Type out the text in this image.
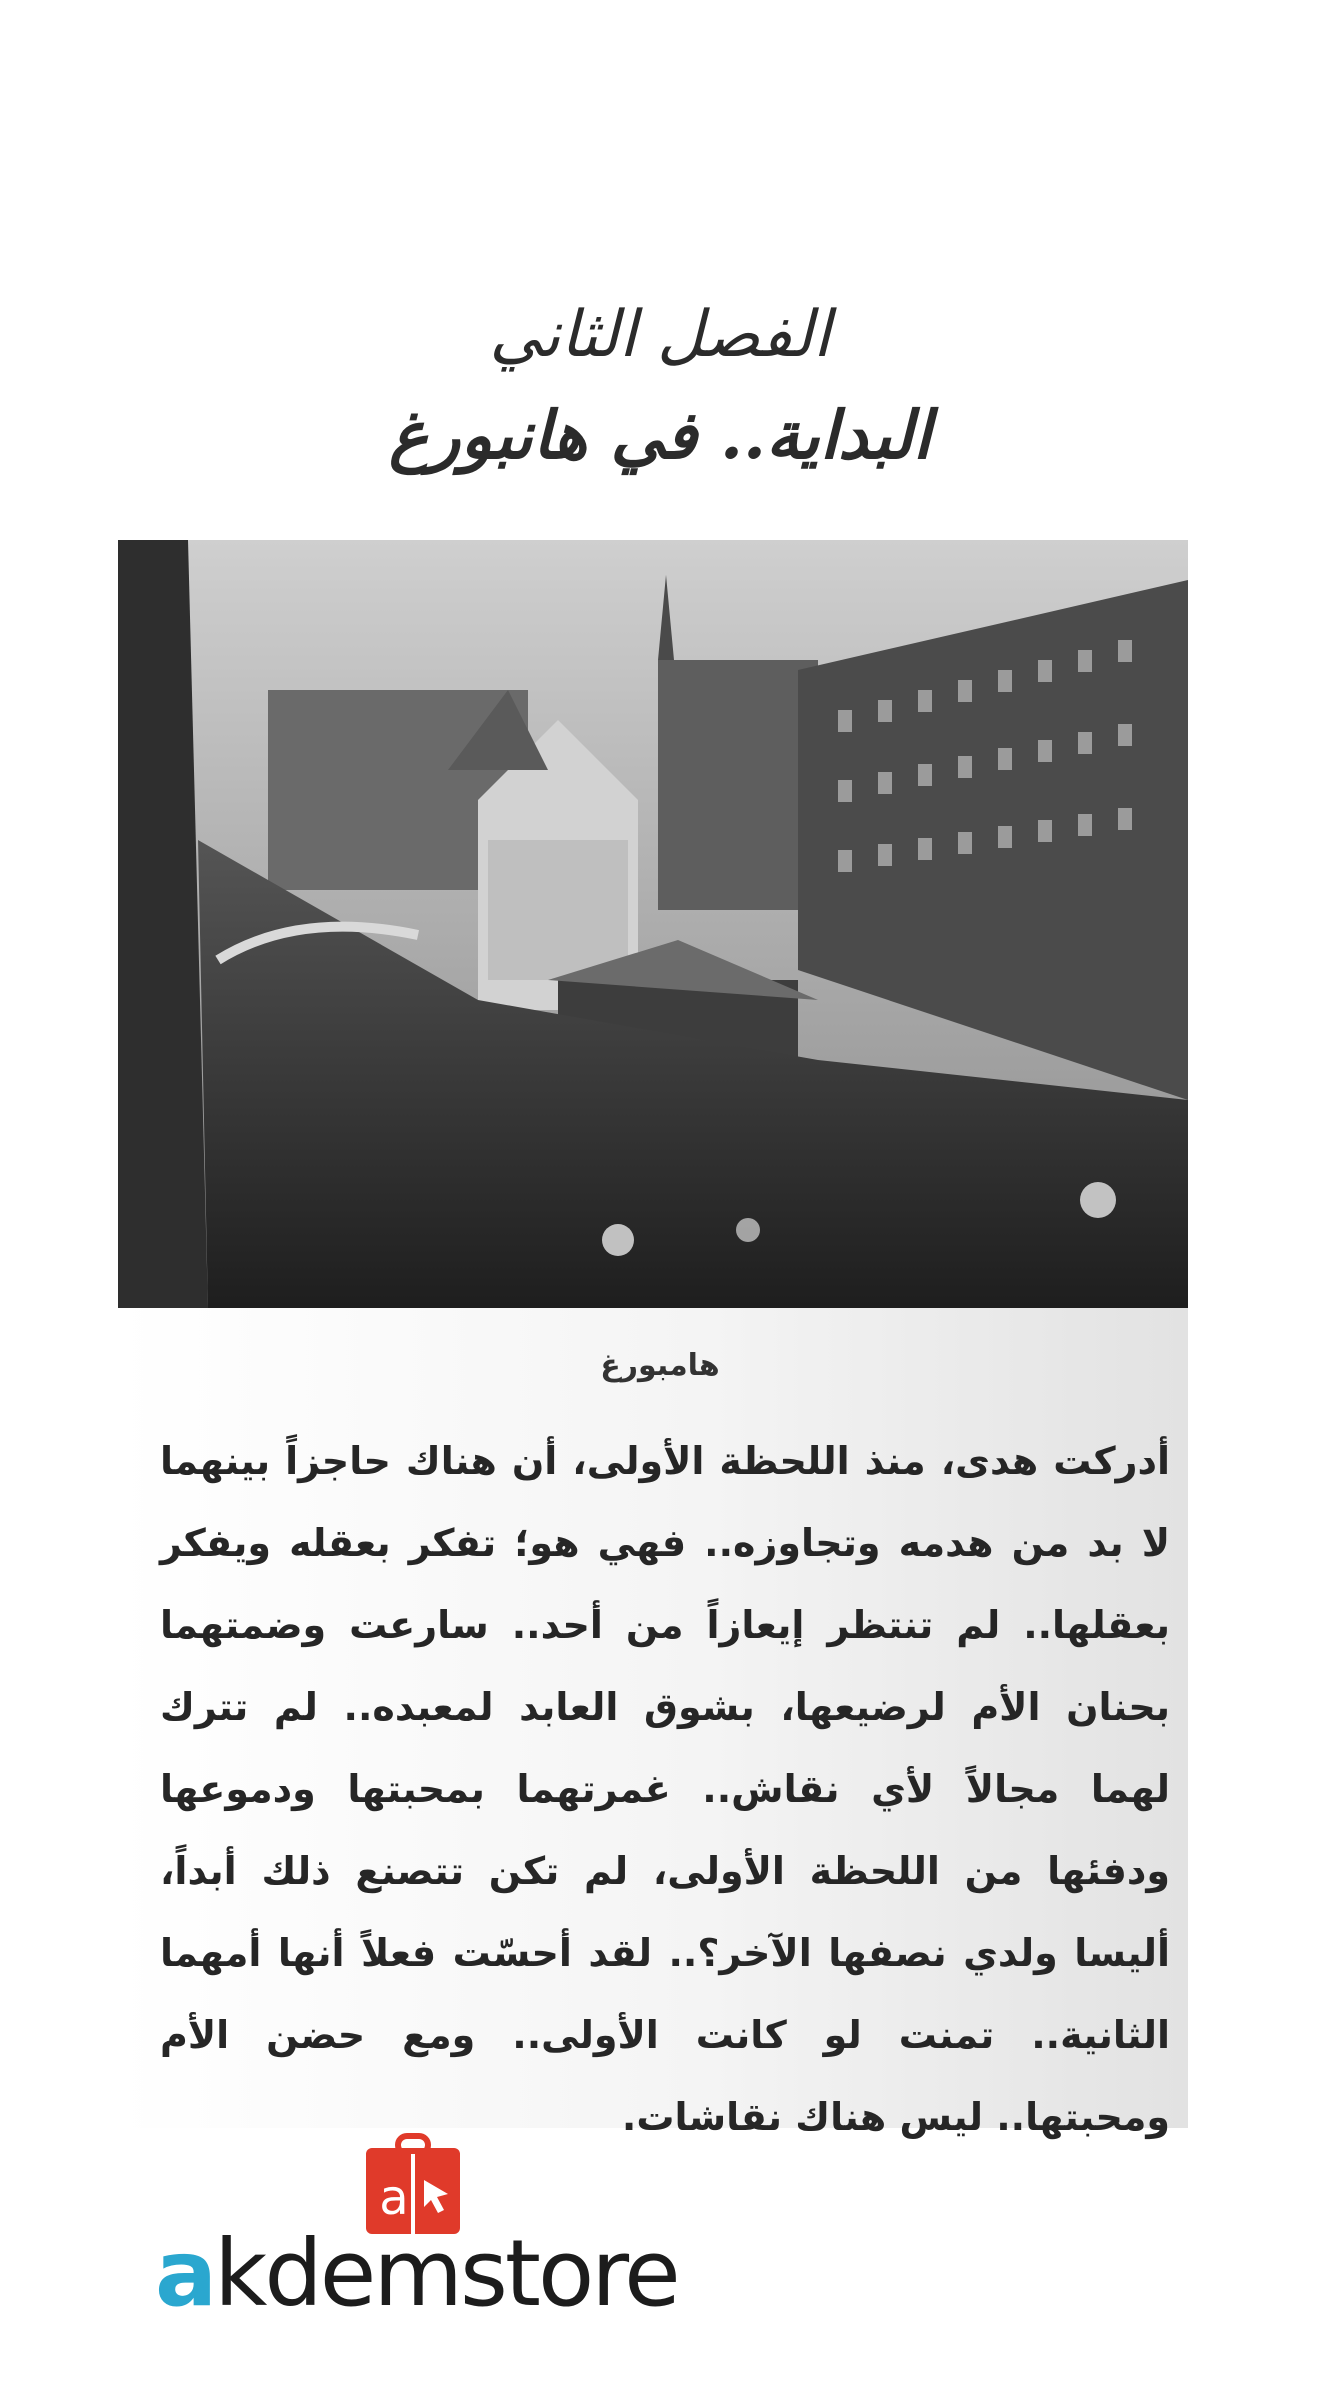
الفصل الثاني
البداية.. في هانبورغ
هامبورغ

أدركت هدى، منذ اللحظة الأولى، أن هناك حاجزاً بينهما لا بد من هدمه وتجاوزه.. فهي هو؛ تفكر بعقله ويفكر بعقلها.. لم تنتظر إيعازاً من أحد.. سارعت وضمتهما بحنان الأم لرضيعها، بشوق العابد لمعبده.. لم تترك لهما مجالاً لأي نقاش.. غمرتهما بمحبتها ودموعها ودفئها من اللحظة الأولى، لم تكن تتصنع ذلك أبداً، أليسا ولدي نصفها الآخر؟.. لقد أحسّت فعلاً أنها أمهما الثانية.. تمنت لو كانت الأولى.. ومع حضن الأم ومحبتها.. ليس هناك نقاشات.

a
akdemstore
